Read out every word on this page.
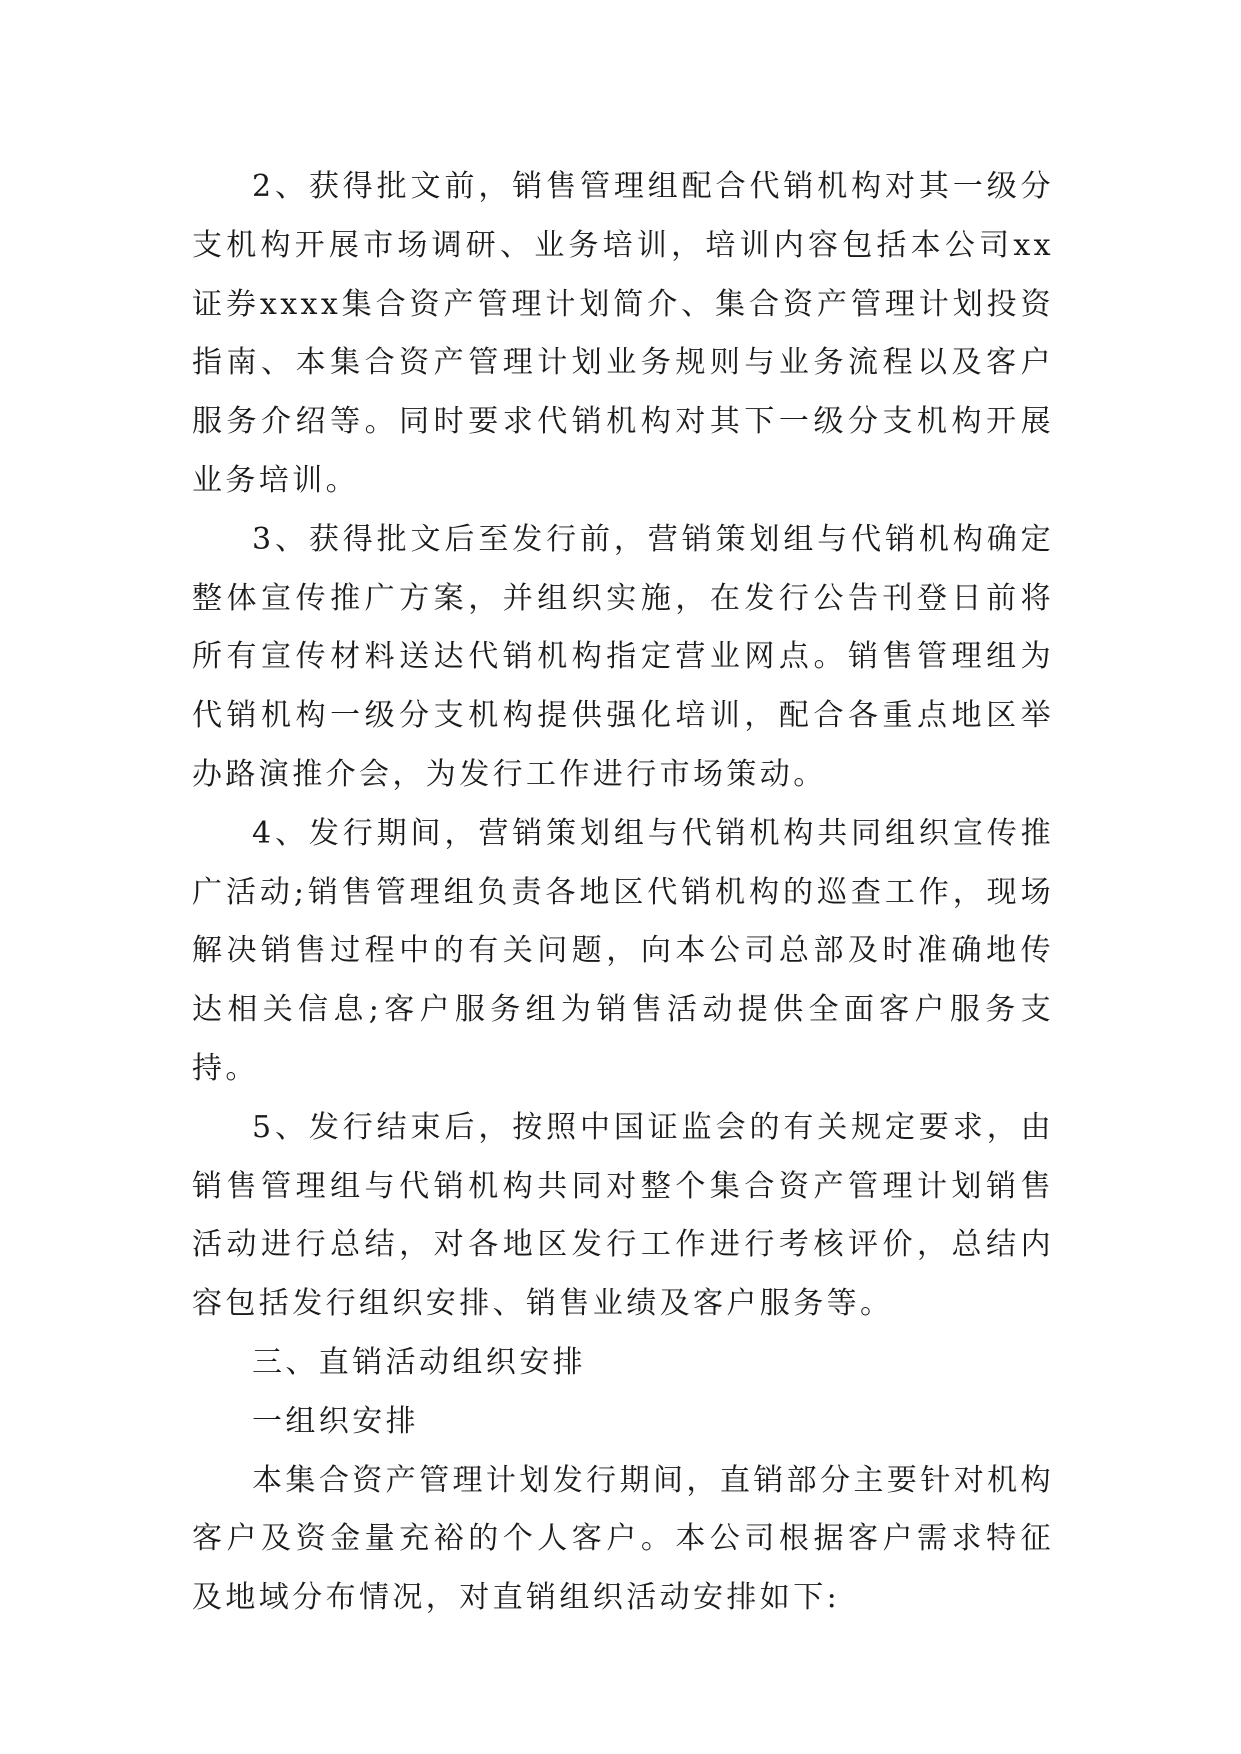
2、获得批文前，销售管理组配合代销机构对其一级分支机构开展市场调研、业务培训，培训内容包括本公司xx证券xxxx集合资产管理计划简介、集合资产管理计划投资指南、本集合资产管理计划业务规则与业务流程以及客户服务介绍等。同时要求代销机构对其下一级分支机构开展业务培训。

3、获得批文后至发行前，营销策划组与代销机构确定整体宣传推广方案，并组织实施，在发行公告刊登日前将所有宣传材料送达代销机构指定营业网点。销售管理组为代销机构一级分支机构提供强化培训，配合各重点地区举办路演推介会，为发行工作进行市场策动。

4、发行期间，营销策划组与代销机构共同组织宣传推广活动;销售管理组负责各地区代销机构的巡查工作，现场解决销售过程中的有关问题，向本公司总部及时准确地传达相关信息;客户服务组为销售活动提供全面客户服务支持。

5、发行结束后，按照中国证监会的有关规定要求，由销售管理组与代销机构共同对整个集合资产管理计划销售活动进行总结，对各地区发行工作进行考核评价，总结内容包括发行组织安排、销售业绩及客户服务等。

三、直销活动组织安排

一组织安排

本集合资产管理计划发行期间，直销部分主要针对机构客户及资金量充裕的个人客户。本公司根据客户需求特征及地域分布情况，对直销组织活动安排如下:
